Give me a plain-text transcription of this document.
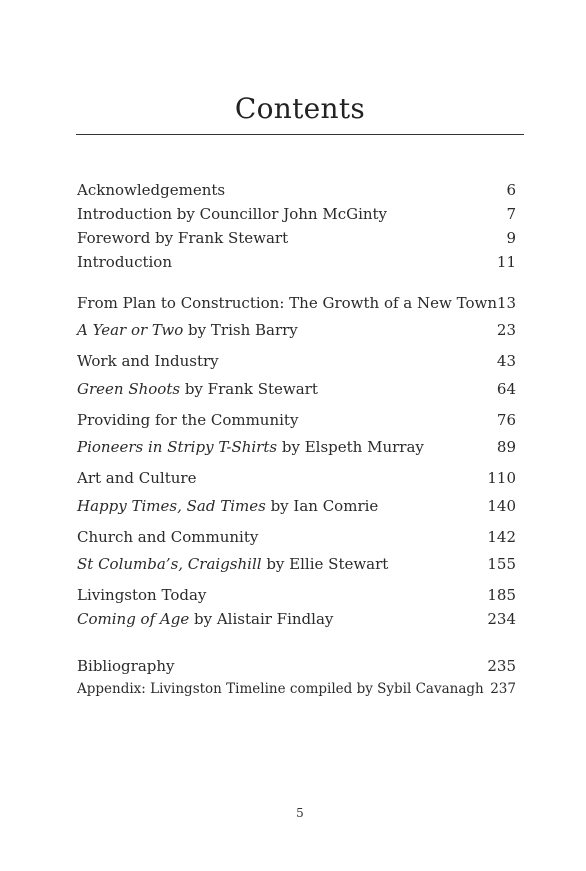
Contents
Acknowledgements	6
Introduction by Councillor John McGinty	7
Foreword by Frank Stewart	9
Introduction	11
From Plan to Construction: The Growth of a New Town 13
A Year or Two by Trish Barry	23
Work and Industry	43
Green Shoots by Frank Stewart	64
Providing for the Community	76
Pioneers in Stripy T-Shirts by Elspeth Murray	89
Art and Culture	110
Happy Times, Sad Times by Ian Comrie	140
Church and Community	142
St Columba’s, Craigshill by Ellie Stewart	155
Livingston Today	185
Coming of Age by Alistair Findlay	234
Bibliography	235
Appendix: Livingston Timeline compiled by Sybil Cavanagh 237
5
